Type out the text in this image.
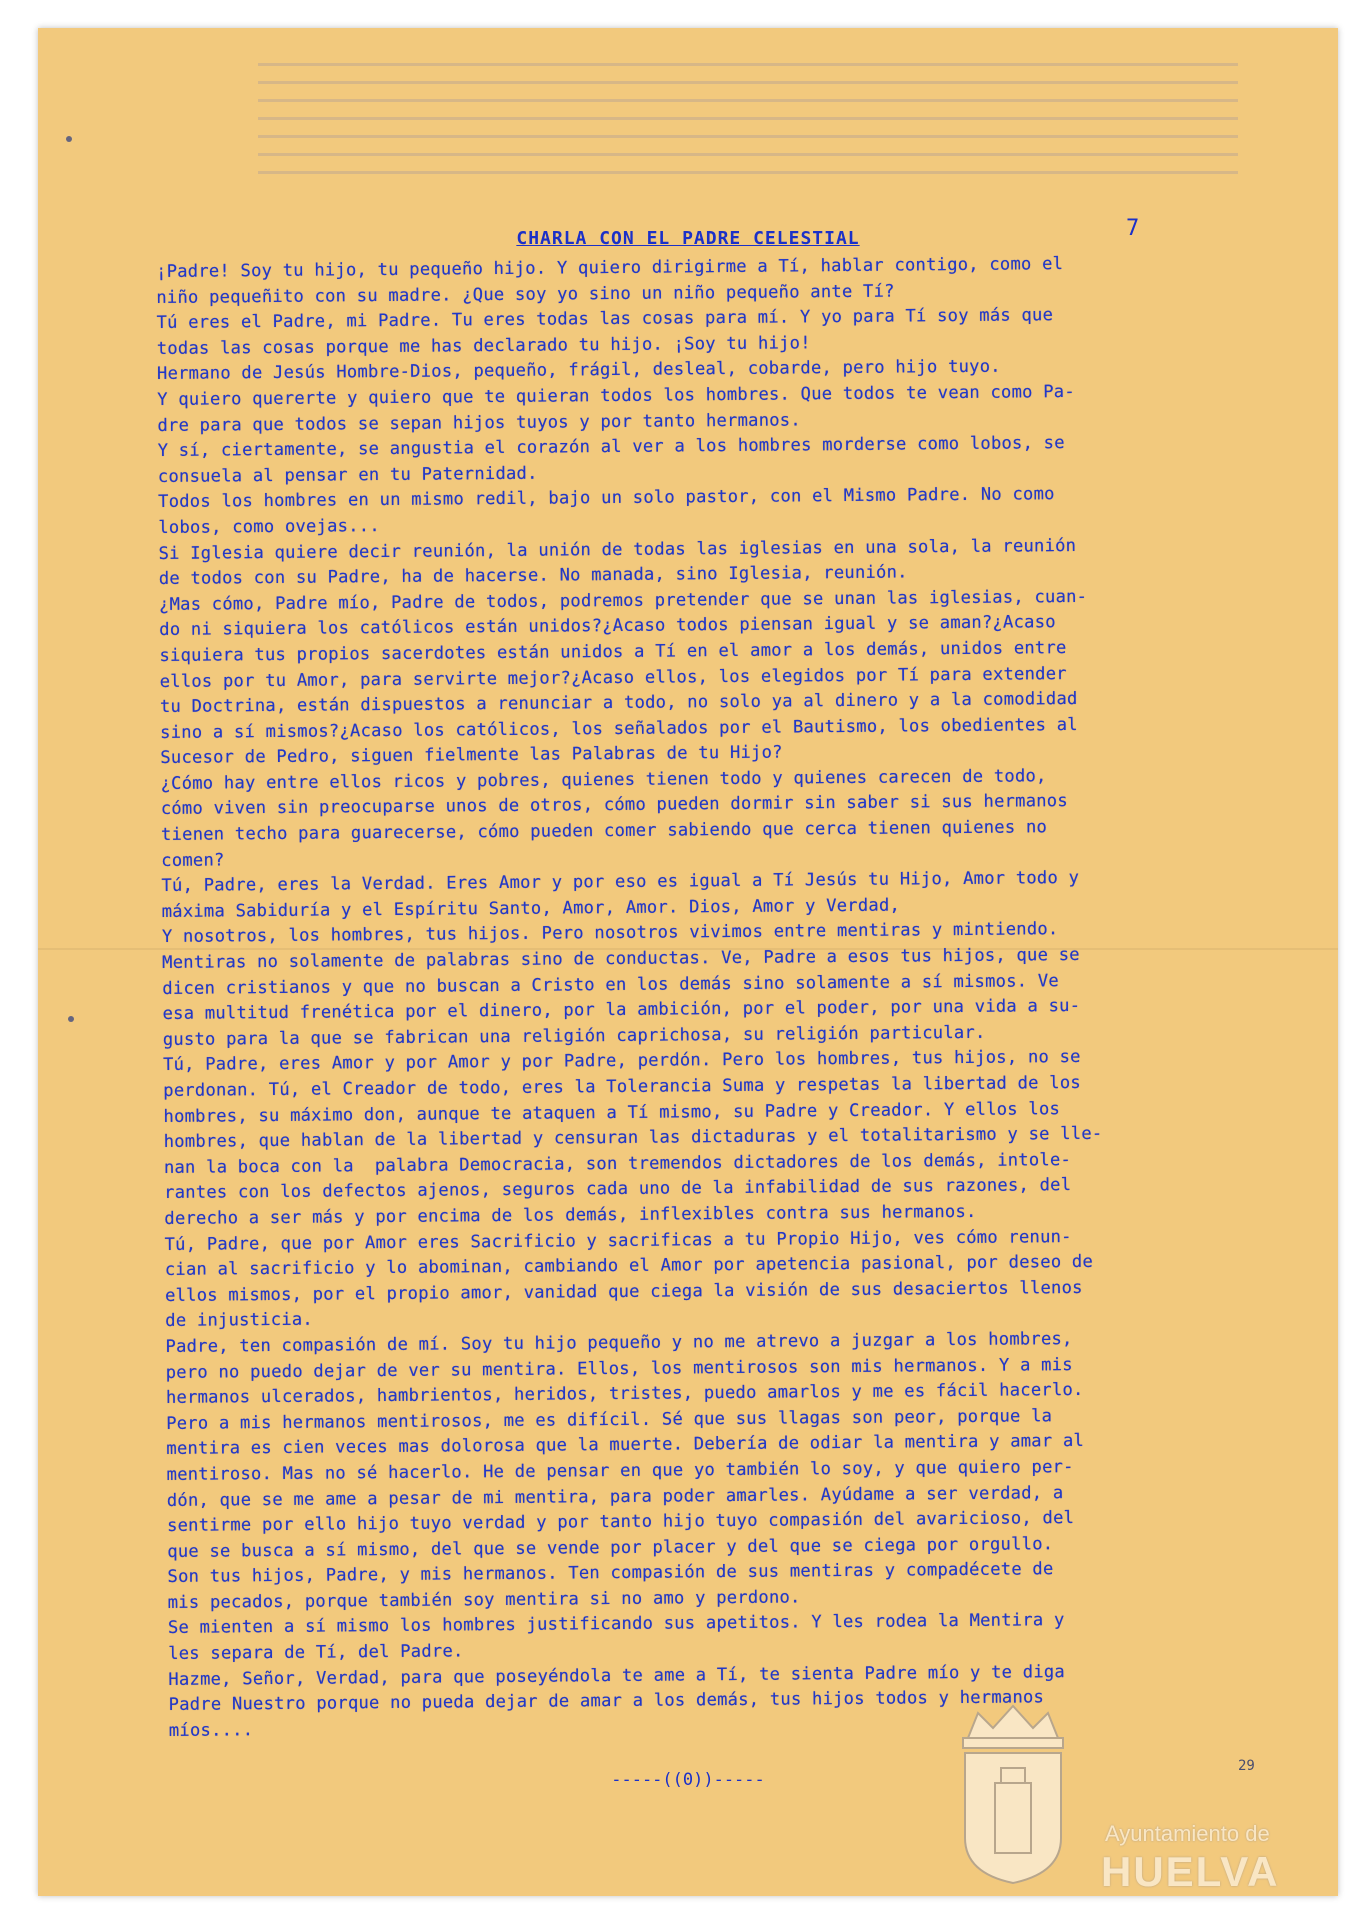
CHARLA CON EL PADRE CELESTIAL	7
¡Padre! Soy tu hijo, tu pequeño hijo. Y quiero dirigirme a Tí, hablar contigo, como el
niño pequeñito con su madre. ¿Que soy yo sino un niño pequeño ante Tí?
Tú eres el Padre, mi Padre. Tu eres todas las cosas para mí. Y yo para Tí soy más que
todas las cosas porque me has declarado tu hijo. ¡Soy tu hijo!
Hermano de Jesús Hombre-Dios, pequeño, frágil, desleal, cobarde, pero hijo tuyo.
Y quiero quererte y quiero que te quieran todos los hombres. Que todos te vean como Pa-
dre para que todos se sepan hijos tuyos y por tanto hermanos.
Y sí, ciertamente, se angustia el corazón al ver a los hombres morderse como lobos, se
consuela al pensar en tu Paternidad.
Todos los hombres en un mismo redil, bajo un solo pastor, con el Mismo Padre. No como
lobos, como ovejas...
Si Iglesia quiere decir reunión, la unión de todas las iglesias en una sola, la reunión
de todos con su Padre, ha de hacerse. No manada, sino Iglesia, reunión.
¿Mas cómo, Padre mío, Padre de todos, podremos pretender que se unan las iglesias, cuan-
do ni siquiera los católicos están unidos?¿Acaso todos piensan igual y se aman?¿Acaso
siquiera tus propios sacerdotes están unidos a Tí en el amor a los demás, unidos entre
ellos por tu Amor, para servirte mejor?¿Acaso ellos, los elegidos por Tí para extender
tu Doctrina, están dispuestos a renunciar a todo, no solo ya al dinero y a la comodidad
sino a sí mismos?¿Acaso los católicos, los señalados por el Bautismo, los obedientes al
Sucesor de Pedro, siguen fielmente las Palabras de tu Hijo?
¿Cómo hay entre ellos ricos y pobres, quienes tienen todo y quienes carecen de todo,
cómo viven sin preocuparse unos de otros, cómo pueden dormir sin saber si sus hermanos
tienen techo para guarecerse, cómo pueden comer sabiendo que cerca tienen quienes no
comen?
Tú, Padre, eres la Verdad. Eres Amor y por eso es igual a Tí Jesús tu Hijo, Amor todo y
máxima Sabiduría y el Espíritu Santo, Amor, Amor. Dios, Amor y Verdad,
Y nosotros, los hombres, tus hijos. Pero nosotros vivimos entre mentiras y mintiendo.
Mentiras no solamente de palabras sino de conductas. Ve, Padre a esos tus hijos, que se
dicen cristianos y que no buscan a Cristo en los demás sino solamente a sí mismos. Ve
esa multitud frenética por el dinero, por la ambición, por el poder, por una vida a su-
gusto para la que se fabrican una religión caprichosa, su religión particular.
Tú, Padre, eres Amor y por Amor y por Padre, perdón. Pero los hombres, tus hijos, no se
perdonan. Tú, el Creador de todo, eres la Tolerancia Suma y respetas la libertad de los
hombres, su máximo don, aunque te ataquen a Tí mismo, su Padre y Creador. Y ellos los
hombres, que hablan de la libertad y censuran las dictaduras y el totalitarismo y se lle-
nan la boca con la  palabra Democracia, son tremendos dictadores de los demás, intole-
rantes con los defectos ajenos, seguros cada uno de la infabilidad de sus razones, del
derecho a ser más y por encima de los demás, inflexibles contra sus hermanos.
Tú, Padre, que por Amor eres Sacrificio y sacrificas a tu Propio Hijo, ves cómo renun-
cian al sacrificio y lo abominan, cambiando el Amor por apetencia pasional, por deseo de
ellos mismos, por el propio amor, vanidad que ciega la visión de sus desaciertos llenos
de injusticia.
Padre, ten compasión de mí. Soy tu hijo pequeño y no me atrevo a juzgar a los hombres,
pero no puedo dejar de ver su mentira. Ellos, los mentirosos son mis hermanos. Y a mis
hermanos ulcerados, hambrientos, heridos, tristes, puedo amarlos y me es fácil hacerlo.
Pero a mis hermanos mentirosos, me es difícil. Sé que sus llagas son peor, porque la
mentira es cien veces mas dolorosa que la muerte. Debería de odiar la mentira y amar al
mentiroso. Mas no sé hacerlo. He de pensar en que yo también lo soy, y que quiero per-
dón, que se me ame a pesar de mi mentira, para poder amarles. Ayúdame a ser verdad, a
sentirme por ello hijo tuyo verdad y por tanto hijo tuyo compasión del avaricioso, del
que se busca a sí mismo, del que se vende por placer y del que se ciega por orgullo.
Son tus hijos, Padre, y mis hermanos. Ten compasión de sus mentiras y compadécete de
mis pecados, porque también soy mentira si no amo y perdono.
Se mienten a sí mismo los hombres justificando sus apetitos. Y les rodea la Mentira y
les separa de Tí, del Padre.
Hazme, Señor, Verdad, para que poseyéndola te ame a Tí, te sienta Padre mío y te diga
Padre Nuestro porque no pueda dejar de amar a los demás, tus hijos todos y hermanos
míos....
-----((0))-----
29
Ayuntamiento de
HUELVA
